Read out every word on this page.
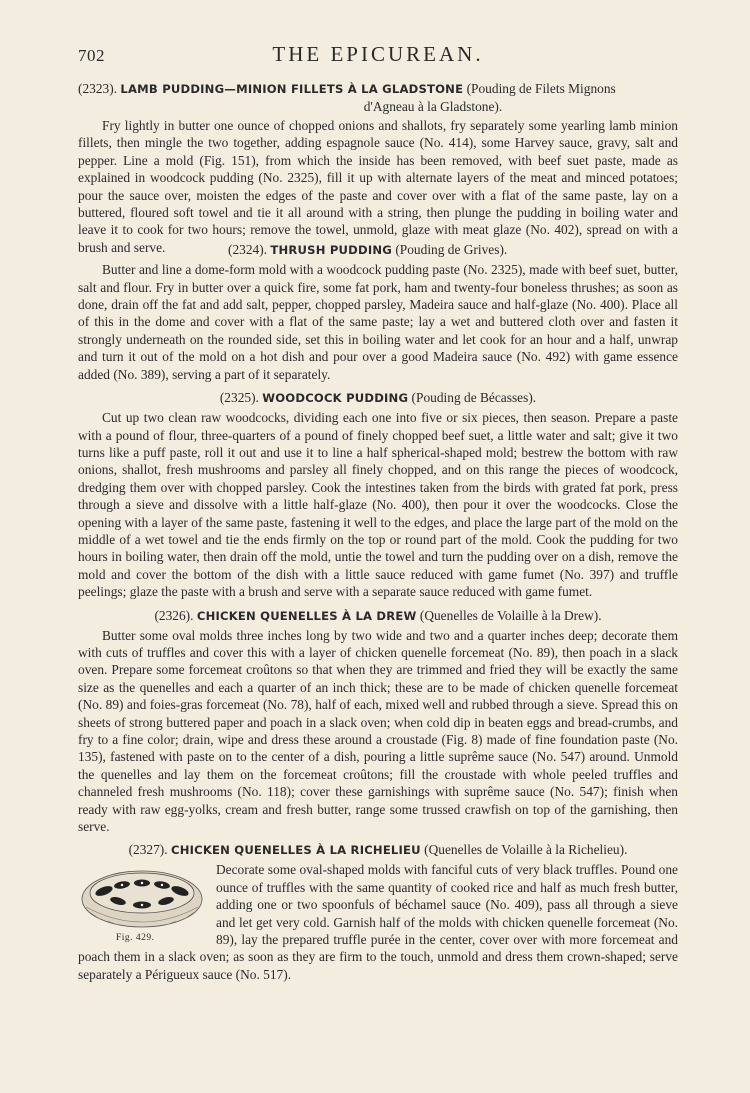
702	THE EPICUREAN.

(2323). LAMB PUDDING—MINION FILLETS À LA GLADSTONE (Pouding de Filets Mignons
d'Agneau à la Gladstone).

Fry lightly in butter one ounce of chopped onions and shallots, fry separately some yearling lamb minion fillets, then mingle the two together, adding espagnole sauce (No. 414), some Harvey sauce, gravy, salt and pepper. Line a mold (Fig. 151), from which the inside has been removed, with beef suet paste, made as explained in woodcock pudding (No. 2325), fill it up with alternate layers of the meat and minced potatoes; pour the sauce over, moisten the edges of the paste and cover over with a flat of the same paste, lay on a buttered, floured soft towel and tie it all around with a string, then plunge the pudding in boiling water and leave it to cook for two hours; remove the towel, unmold, glaze with meat glaze (No. 402), spread on with a brush and serve.	(2324). THRUSH PUDDING (Pouding de Grives).

Butter and line a dome-form mold with a woodcock pudding paste (No. 2325), made with beef suet, butter, salt and flour. Fry in butter over a quick fire, some fat pork, ham and twenty-four boneless thrushes; as soon as done, drain off the fat and add salt, pepper, chopped parsley, Madeira sauce and half-glaze (No. 400). Place all of this in the dome and cover with a flat of the same paste; lay a wet and buttered cloth over and fasten it strongly underneath on the rounded side, set this in boiling water and let cook for an hour and a half, unwrap and turn it out of the mold on a hot dish and pour over a good Madeira sauce (No. 492) with game essence added (No. 389), serving a part of it separately.

(2325). WOODCOCK PUDDING (Pouding de Bécasses).

Cut up two clean raw woodcocks, dividing each one into five or six pieces, then season. Prepare a paste with a pound of flour, three-quarters of a pound of finely chopped beef suet, a little water and salt; give it two turns like a puff paste, roll it out and use it to line a half spherical-shaped mold; bestrew the bottom with raw onions, shallot, fresh mushrooms and parsley all finely chopped, and on this range the pieces of woodcock, dredging them over with chopped parsley. Cook the intestines taken from the birds with grated fat pork, press through a sieve and dissolve with a little half-glaze (No. 400), then pour it over the woodcocks. Close the opening with a layer of the same paste, fastening it well to the edges, and place the large part of the mold on the middle of a wet towel and tie the ends firmly on the top or round part of the mold. Cook the pudding for two hours in boiling water, then drain off the mold, untie the towel and turn the pudding over on a dish, remove the mold and cover the bottom of the dish with a little sauce reduced with game fumet (No. 397) and truffle peelings; glaze the paste with a brush and serve with a separate sauce reduced with game fumet.

(2326). CHICKEN QUENELLES À LA DREW (Quenelles de Volaille à la Drew).

Butter some oval molds three inches long by two wide and two and a quarter inches deep; decorate them with cuts of truffles and cover this with a layer of chicken quenelle forcemeat (No. 89), then poach in a slack oven. Prepare some forcemeat croûtons so that when they are trimmed and fried they will be exactly the same size as the quenelles and each a quarter of an inch thick; these are to be made of chicken quenelle forcemeat (No. 89) and foies-gras forcemeat (No. 78), half of each, mixed well and rubbed through a sieve. Spread this on sheets of strong buttered paper and poach in a slack oven; when cold dip in beaten eggs and bread-crumbs, and fry to a fine color; drain, wipe and dress these around a croustade (Fig. 8) made of fine foundation paste (No. 135), fastened with paste on to the center of a dish, pouring a little suprême sauce (No. 547) around. Unmold the quenelles and lay them on the forcemeat croûtons; fill the croustade with whole peeled truffles and channeled fresh mushrooms (No. 118); cover these garnishings with suprême sauce (No. 547); finish when ready with raw egg-yolks, cream and fresh butter, range some trussed crawfish on top of the garnishing, then serve.

(2327). CHICKEN QUENELLES À LA RICHELIEU (Quenelles de Volaille à la Richelieu).

Fig. 429.

Decorate some oval-shaped molds with fanciful cuts of very black truffles. Pound one ounce of truffles with the same quantity of cooked rice and half as much fresh butter, adding one or two spoonfuls of béchamel sauce (No. 409), pass all through a sieve and let get very cold. Garnish half of the molds with chicken quenelle forcemeat (No. 89), lay the prepared truffle purée in the center, cover over with more forcemeat and poach them in a slack oven; as soon as they are firm to the touch, unmold and dress them crown-shaped; serve separately a Périgueux sauce (No. 517).
